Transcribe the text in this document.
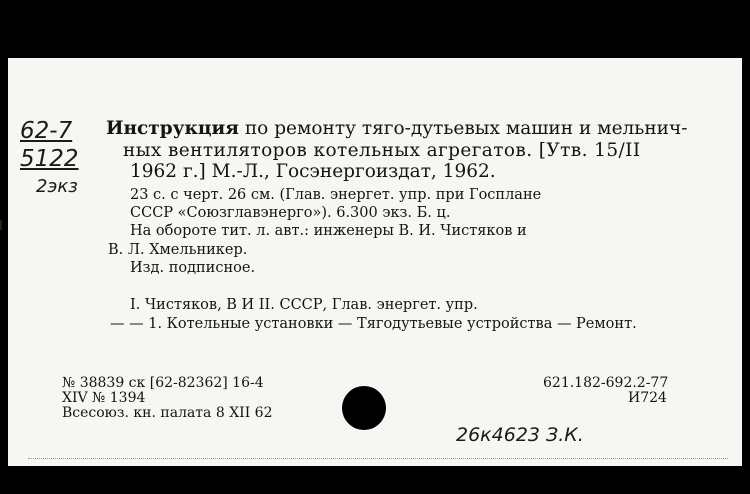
62-7
5122
2экз
Инструкция по ремонту тяго-дутьевых машин и мельнич-
ных вентиляторов котельных агрегатов. [Утв. 15/II
1962 г.] М.-Л., Госэнергоиздат, 1962.
23 с. с черт. 26 см. (Глав. энергет. упр. при Госплане
СССР «Союзглавэнерго»). 6.300 экз. Б. ц.
На обороте тит. л. авт.: инженеры В. И. Чистяков и
В. Л. Хмельникер.
Изд. подписное.
I. Чистяков, В И II. СССР, Глав. энергет. упр.
— — 1. Котельные установки — Тягодутьевые устройства — Ремонт.
№ 38839 ск [62-82362] 16-4
XIV № 1394
Всесоюз. кн. палата 8 XII 62
621.182-692.2-77
И724
26к4623 З.К.
